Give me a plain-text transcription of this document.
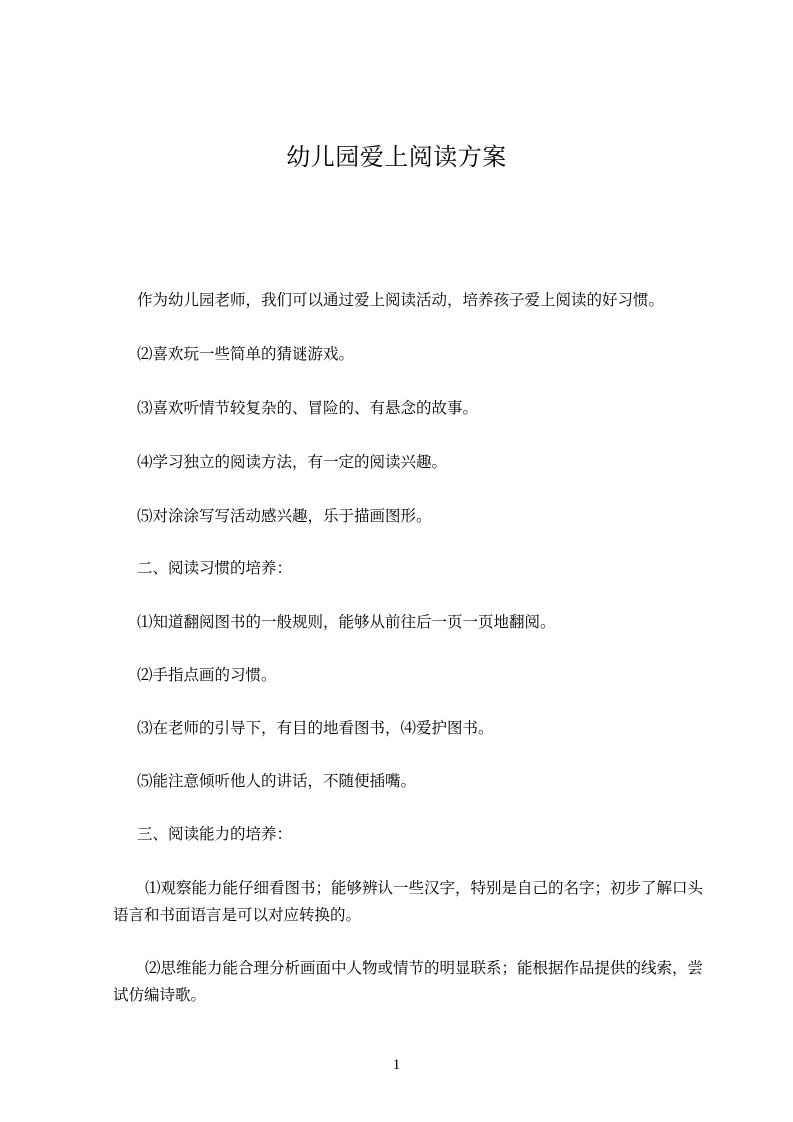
幼儿园爱上阅读方案
作为幼儿园老师，我们可以通过爱上阅读活动，培养孩子爱上阅读的好习惯。
⑵喜欢玩一些简单的猜谜游戏。
⑶喜欢听情节较复杂的、冒险的、有悬念的故事。
⑷学习独立的阅读方法，有一定的阅读兴趣。
⑸对涂涂写写活动感兴趣，乐于描画图形。
二、阅读习惯的培养：
⑴知道翻阅图书的一般规则，能够从前往后一页一页地翻阅。
⑵手指点画的习惯。
⑶在老师的引导下，有目的地看图书，⑷爱护图书。
⑸能注意倾听他人的讲话，不随便插嘴。
三、阅读能力的培养：
⑴观察能力能仔细看图书；能够辨认一些汉字，特别是自己的名字；初步了解口头语言和书面语言是可以对应转换的。
⑵思维能力能合理分析画面中人物或情节的明显联系；能根据作品提供的线索，尝试仿编诗歌。
1
